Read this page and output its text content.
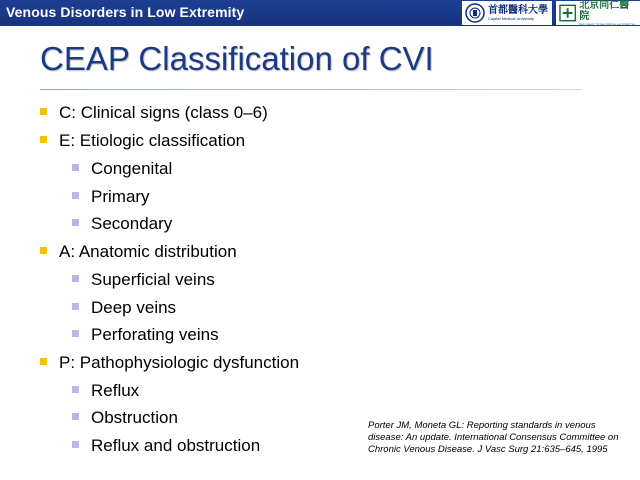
Venous Disorders in Low Extremity	首都醫科大學
Capital Medical University
北京同仁醫院
BEIJING TONGREN HOSPITAL
CEAP Classification of CVI
C: Clinical signs (class 0–6)
E: Etiologic classification
Congenital
Primary
Secondary
A: Anatomic distribution
Superficial veins
Deep veins
Perforating veins
P: Pathophysiologic dysfunction
Reflux
Obstruction
Reflux and obstruction
Porter JM, Moneta GL: Reporting standards in venous disease: An update. International Consensus Committee on Chronic Venous Disease. J Vasc Surg 21:635–645, 1995
